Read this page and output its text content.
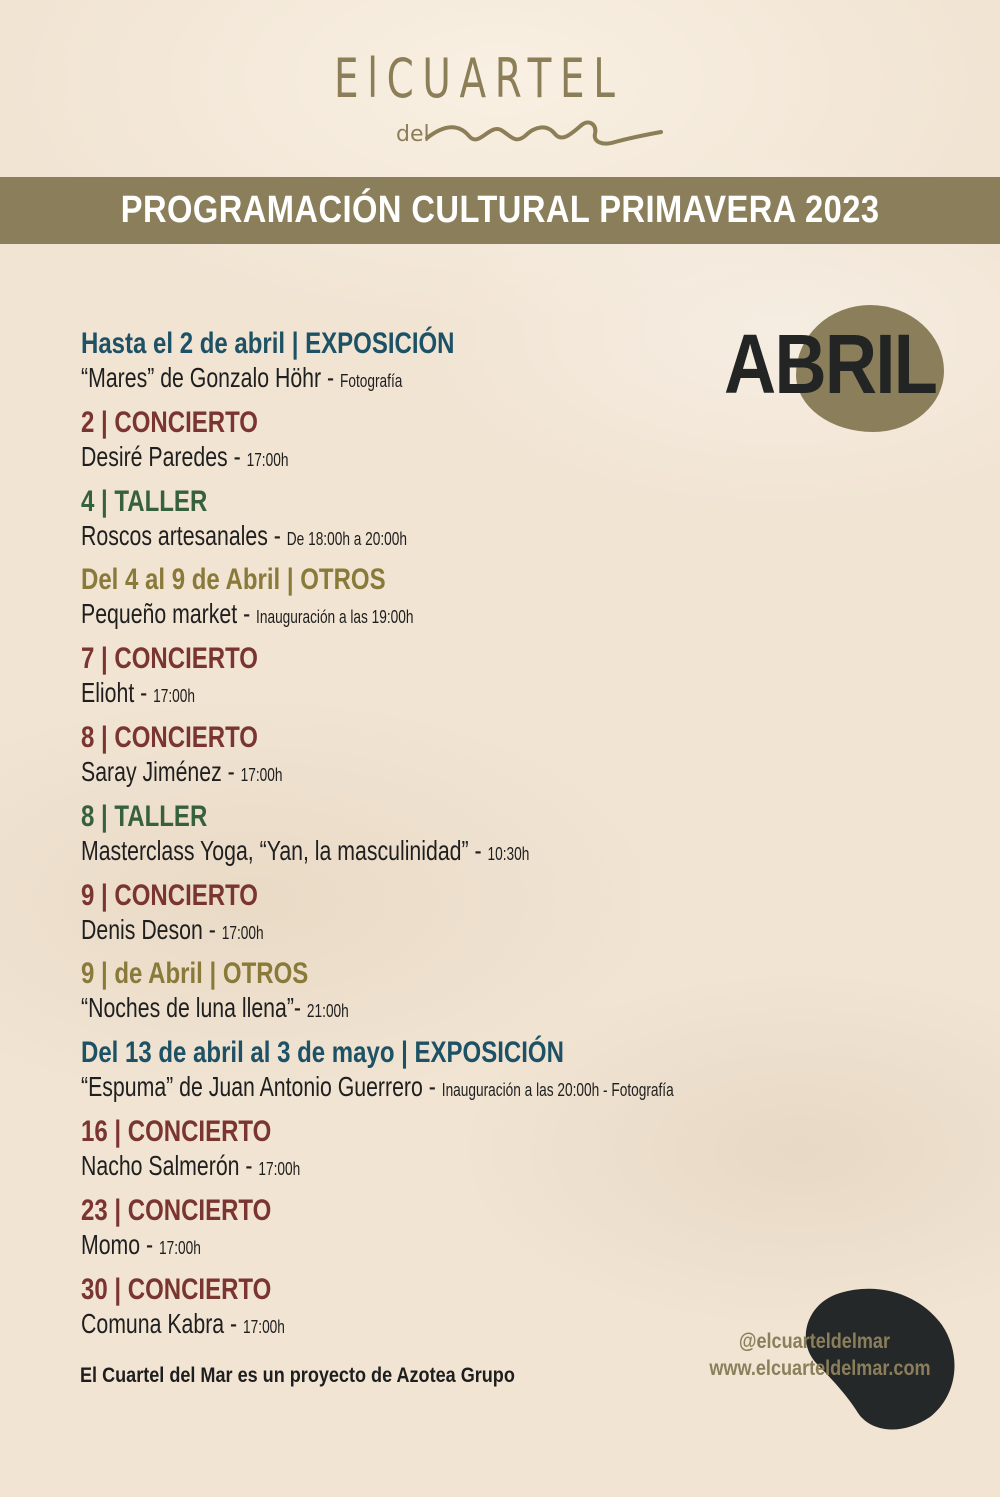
ElCUARTEL
del
PROGRAMACIÓN CULTURAL PRIMAVERA 2023
ABRIL
Hasta el 2 de abril | EXPOSICIÓN
“Mares” de Gonzalo Höhr - Fotografía
2 | CONCIERTO
Desiré Paredes - 17:00h
4 | TALLER
Roscos artesanales - De 18:00h a 20:00h
Del 4 al 9 de Abril | OTROS
Pequeño market - Inauguración a las 19:00h
7 | CONCIERTO
Elioht - 17:00h
8 | CONCIERTO
Saray Jiménez - 17:00h
8 | TALLER
Masterclass Yoga, “Yan, la masculinidad” - 10:30h
9 | CONCIERTO
Denis Deson - 17:00h
9 | de Abril | OTROS
“Noches de luna llena”- 21:00h
Del 13 de abril al 3 de mayo | EXPOSICIÓN
“Espuma” de Juan Antonio Guerrero - Inauguración a las 20:00h - Fotografía
16 | CONCIERTO
Nacho Salmerón - 17:00h
23 | CONCIERTO
Momo - 17:00h
30 | CONCIERTO
Comuna Kabra - 17:00h
El Cuartel del Mar es un proyecto de Azotea Grupo
@elcuarteldelmar
www.elcuarteldelmar.com
